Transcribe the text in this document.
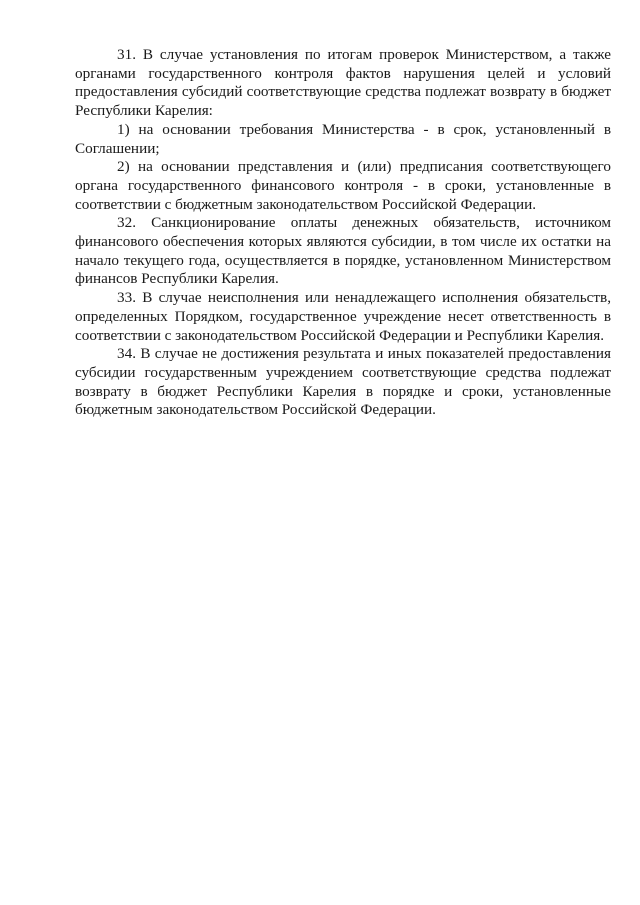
31. В случае установления по итогам проверок Министерством, а также органами государственного контроля фактов нарушения целей и условий предоставления субсидий соответствующие средства подлежат возврату в бюджет Республики Карелия:

1) на основании требования Министерства - в срок, установленный в Соглашении;

2) на основании представления и (или) предписания соответствующего органа государственного финансового контроля - в сроки, установленные в соответствии с бюджетным законодательством Российской Федерации.

32. Санкционирование оплаты денежных обязательств, источником финансового обеспечения которых являются субсидии, в том числе их остатки на начало текущего года, осуществляется в порядке, установленном Министерством финансов Республики Карелия.

33. В случае неисполнения или ненадлежащего исполнения обязательств, определенных Порядком, государственное учреждение несет ответственность в соответствии с законодательством Российской Федерации и Республики Карелия.

34. В случае не достижения результата и иных показателей предоставления субсидии государственным учреждением соответствующие средства подлежат возврату в бюджет Республики Карелия в порядке и сроки, установленные бюджетным законодательством Российской Федерации.
